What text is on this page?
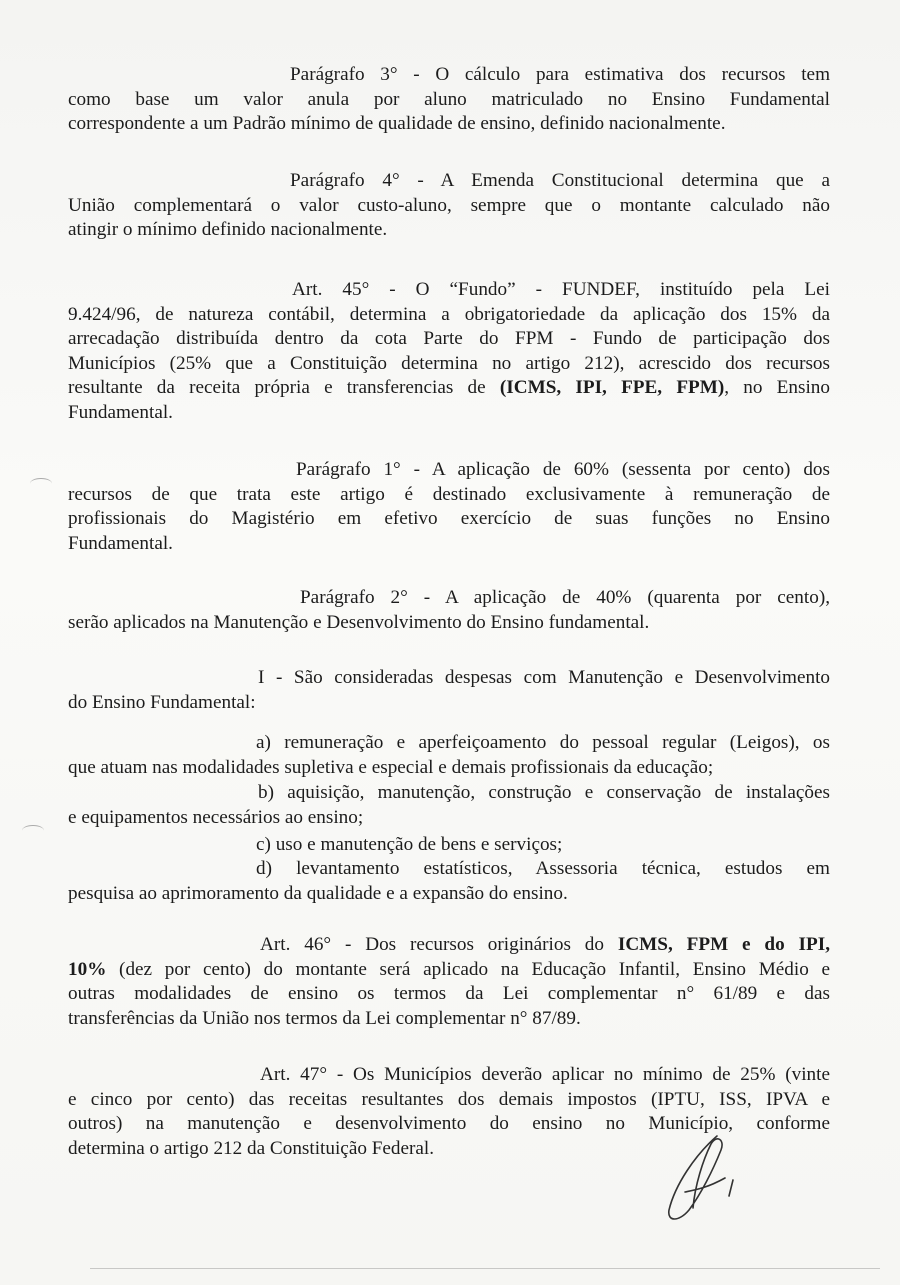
Parágrafo 3° - O cálculo para estimativa dos recursos tem
como base um valor anula por aluno matriculado no Ensino Fundamental
correspondente a um Padrão mínimo de qualidade de ensino, definido nacionalmente.
Parágrafo 4° - A Emenda Constitucional determina que a
União complementará o valor custo-aluno, sempre que o montante calculado não
atingir o mínimo definido nacionalmente.
Art. 45° - O “Fundo” - FUNDEF, instituído pela Lei
9.424/96, de natureza contábil, determina a obrigatoriedade da aplicação dos 15% da
arrecadação distribuída dentro da cota Parte do FPM - Fundo de participação dos
Municípios (25% que a Constituição determina no artigo 212), acrescido dos recursos
resultante da receita própria e transferencias de (ICMS, IPI, FPE, FPM), no Ensino
Fundamental.
Parágrafo 1° - A aplicação de 60% (sessenta por cento) dos
recursos de que trata este artigo é destinado exclusivamente à remuneração de
profissionais do Magistério em efetivo exercício de suas funções no Ensino
Fundamental.
Parágrafo 2° - A aplicação de 40% (quarenta por cento),
serão aplicados na Manutenção e Desenvolvimento do Ensino fundamental.
I - São consideradas despesas com Manutenção e Desenvolvimento
do Ensino Fundamental:
a) remuneração e aperfeiçoamento do pessoal regular (Leigos), os
que atuam nas modalidades supletiva e especial e demais profissionais da educação;
b) aquisição, manutenção, construção e conservação de instalações
e equipamentos necessários ao ensino;
c) uso e manutenção de bens e serviços;
d) levantamento estatísticos, Assessoria técnica, estudos em
pesquisa ao aprimoramento da qualidade e a expansão do ensino.
Art. 46° - Dos recursos originários do ICMS, FPM e do IPI,
10% (dez por cento) do montante será aplicado na Educação Infantil, Ensino Médio e
outras modalidades de ensino os termos da Lei complementar n° 61/89 e das
transferências da União nos termos da Lei complementar n° 87/89.
Art. 47° - Os Municípios deverão aplicar no mínimo de 25% (vinte
e cinco por cento) das receitas resultantes dos demais impostos (IPTU, ISS, IPVA e
outros) na manutenção e desenvolvimento do ensino no Município, conforme
determina o artigo 212 da Constituição Federal.
